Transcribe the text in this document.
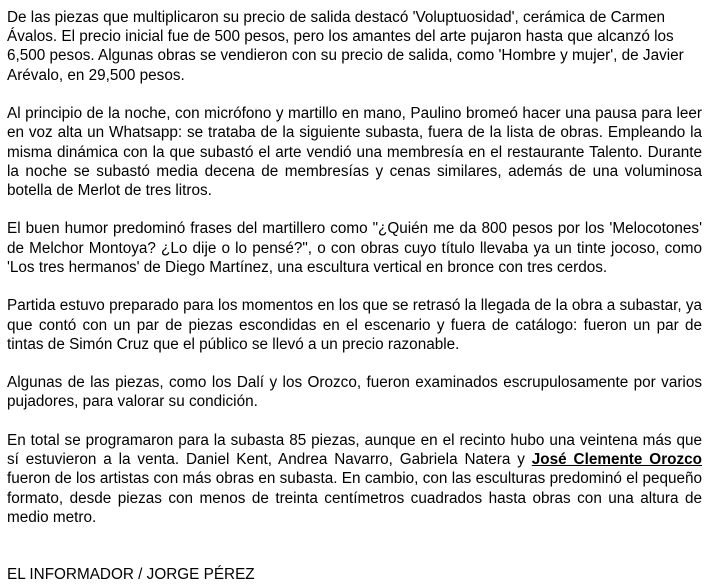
De las piezas que multiplicaron su precio de salida destacó 'Voluptuosidad', cerámica de Carmen Ávalos. El precio inicial fue de 500 pesos, pero los amantes del arte pujaron hasta que alcanzó los 6,500 pesos. Algunas obras se vendieron con su precio de salida, como 'Hombre y mujer', de Javier Arévalo, en 29,500 pesos.

Al principio de la noche, con micrófono y martillo en mano, Paulino bromeó hacer una pausa para leer en voz alta un Whatsapp: se trataba de la siguiente subasta, fuera de la lista de obras. Empleando la misma dinámica con la que subastó el arte vendió una membresía en el restaurante Talento. Durante la noche se subastó media decena de membresías y cenas similares, además de una voluminosa botella de Merlot de tres litros.

El buen humor predominó frases del martillero como "¿Quién me da 800 pesos por los 'Melocotones' de Melchor Montoya? ¿Lo dije o lo pensé?", o con obras cuyo título llevaba ya un tinte jocoso, como 'Los tres hermanos' de Diego Martínez, una escultura vertical en bronce con tres cerdos.

Partida estuvo preparado para los momentos en los que se retrasó la llegada de la obra a subastar, ya que contó con un par de piezas escondidas en el escenario y fuera de catálogo: fueron un par de tintas de Simón Cruz que el público se llevó a un precio razonable.

Algunas de las piezas, como los Dalí y los Orozco, fueron examinados escrupulosamente por varios pujadores, para valorar su condición.

En total se programaron para la subasta 85 piezas, aunque en el recinto hubo una veintena más que sí estuvieron a la venta. Daniel Kent, Andrea Navarro, Gabriela Natera y José Clemente Orozco fueron de los artistas con más obras en subasta. En cambio, con las esculturas predominó el pequeño formato, desde piezas con menos de treinta centímetros cuadrados hasta obras con una altura de medio metro.

EL INFORMADOR / JORGE PÉREZ
